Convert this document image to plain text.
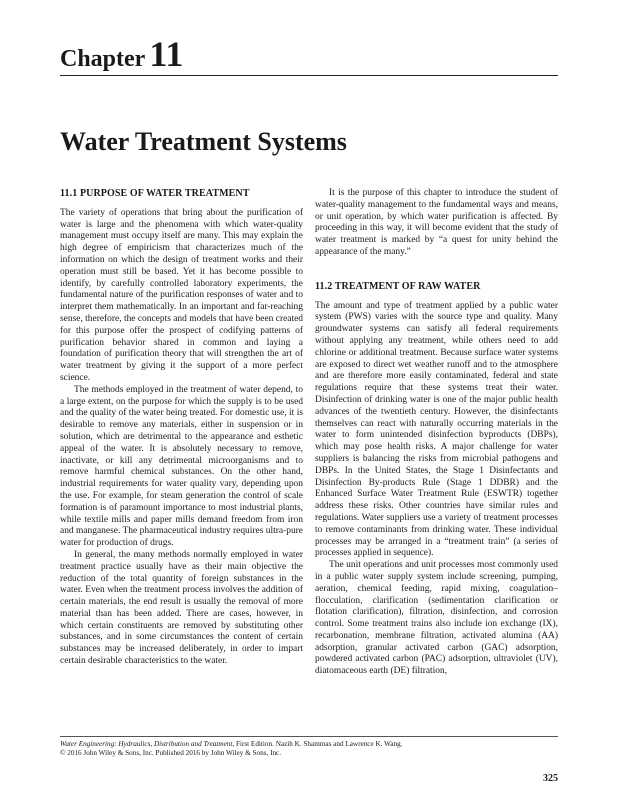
Chapter 11
Water Treatment Systems
11.1 PURPOSE OF WATER TREATMENT

The variety of operations that bring about the purification of water is large and the phenomena with which water-quality management must occupy itself are many. This may explain the high degree of empiricism that characterizes much of the information on which the design of treatment works and their operation must still be based. Yet it has become possible to identify, by carefully controlled laboratory experiments, the fundamental nature of the purification responses of water and to interpret them mathematically. In an important and far-reaching sense, therefore, the concepts and models that have been created for this purpose offer the prospect of codifying patterns of purification behavior shared in common and laying a foundation of purification theory that will strengthen the art of water treatment by giving it the support of a more perfect science.

The methods employed in the treatment of water depend, to a large extent, on the purpose for which the supply is to be used and the quality of the water being treated. For domestic use, it is desirable to remove any materials, either in suspension or in solution, which are detrimental to the appearance and esthetic appeal of the water. It is absolutely necessary to remove, inactivate, or kill any detrimental microorganisms and to remove harmful chemical substances. On the other hand, industrial requirements for water quality vary, depending upon the use. For example, for steam generation the control of scale formation is of paramount importance to most industrial plants, while textile mills and paper mills demand freedom from iron and manganese. The pharmaceutical industry requires ultra-pure water for production of drugs.

In general, the many methods normally employed in water treatment practice usually have as their main objective the reduction of the total quantity of foreign substances in the water. Even when the treatment process involves the addition of certain materials, the end result is usually the removal of more material than has been added. There are cases, however, in which certain constituents are removed by substituting other substances, and in some circumstances the content of certain substances may be increased deliberately, in order to impart certain desirable characteristics to the water.

It is the purpose of this chapter to introduce the student of water-quality management to the fundamental ways and means, or unit operation, by which water purification is affected. By proceeding in this way, it will become evident that the study of water treatment is marked by “a quest for unity behind the appearance of the many.”

11.2 TREATMENT OF RAW WATER

The amount and type of treatment applied by a public water system (PWS) varies with the source type and quality. Many groundwater systems can satisfy all federal requirements without applying any treatment, while others need to add chlorine or additional treatment. Because surface water systems are exposed to direct wet weather runoff and to the atmosphere and are therefore more easily contaminated, federal and state regulations require that these systems treat their water. Disinfection of drinking water is one of the major public health advances of the twentieth century. However, the disinfectants themselves can react with naturally occurring materials in the water to form unintended disinfection byproducts (DBPs), which may pose health risks. A major challenge for water suppliers is balancing the risks from microbial pathogens and DBPs. In the United States, the Stage 1 Disinfectants and Disinfection By-products Rule (Stage 1 DDBR) and the Enhanced Surface Water Treatment Rule (ESWTR) together address these risks. Other countries have similar rules and regulations. Water suppliers use a variety of treatment processes to remove contaminants from drinking water. These individual processes may be arranged in a “treatment train” (a series of processes applied in sequence).

The unit operations and unit processes most commonly used in a public water supply system include screening, pumping, aeration, chemical feeding, rapid mixing, coagulation–flocculation, clarification (sedimentation clarification or flotation clarification), filtration, disinfection, and corrosion control. Some treatment trains also include ion exchange (IX), recarbonation, membrane filtration, activated alumina (AA) adsorption, granular activated carbon (GAC) adsorption, powdered activated carbon (PAC) adsorption, ultraviolet (UV), diatomaceous earth (DE) filtration,

Water Engineering: Hydraulics, Distribution and Treatment, First Edition. Nazih K. Shammas and Lawrence K. Wang.
© 2016 John Wiley & Sons, Inc. Published 2016 by John Wiley & Sons, Inc.
325
